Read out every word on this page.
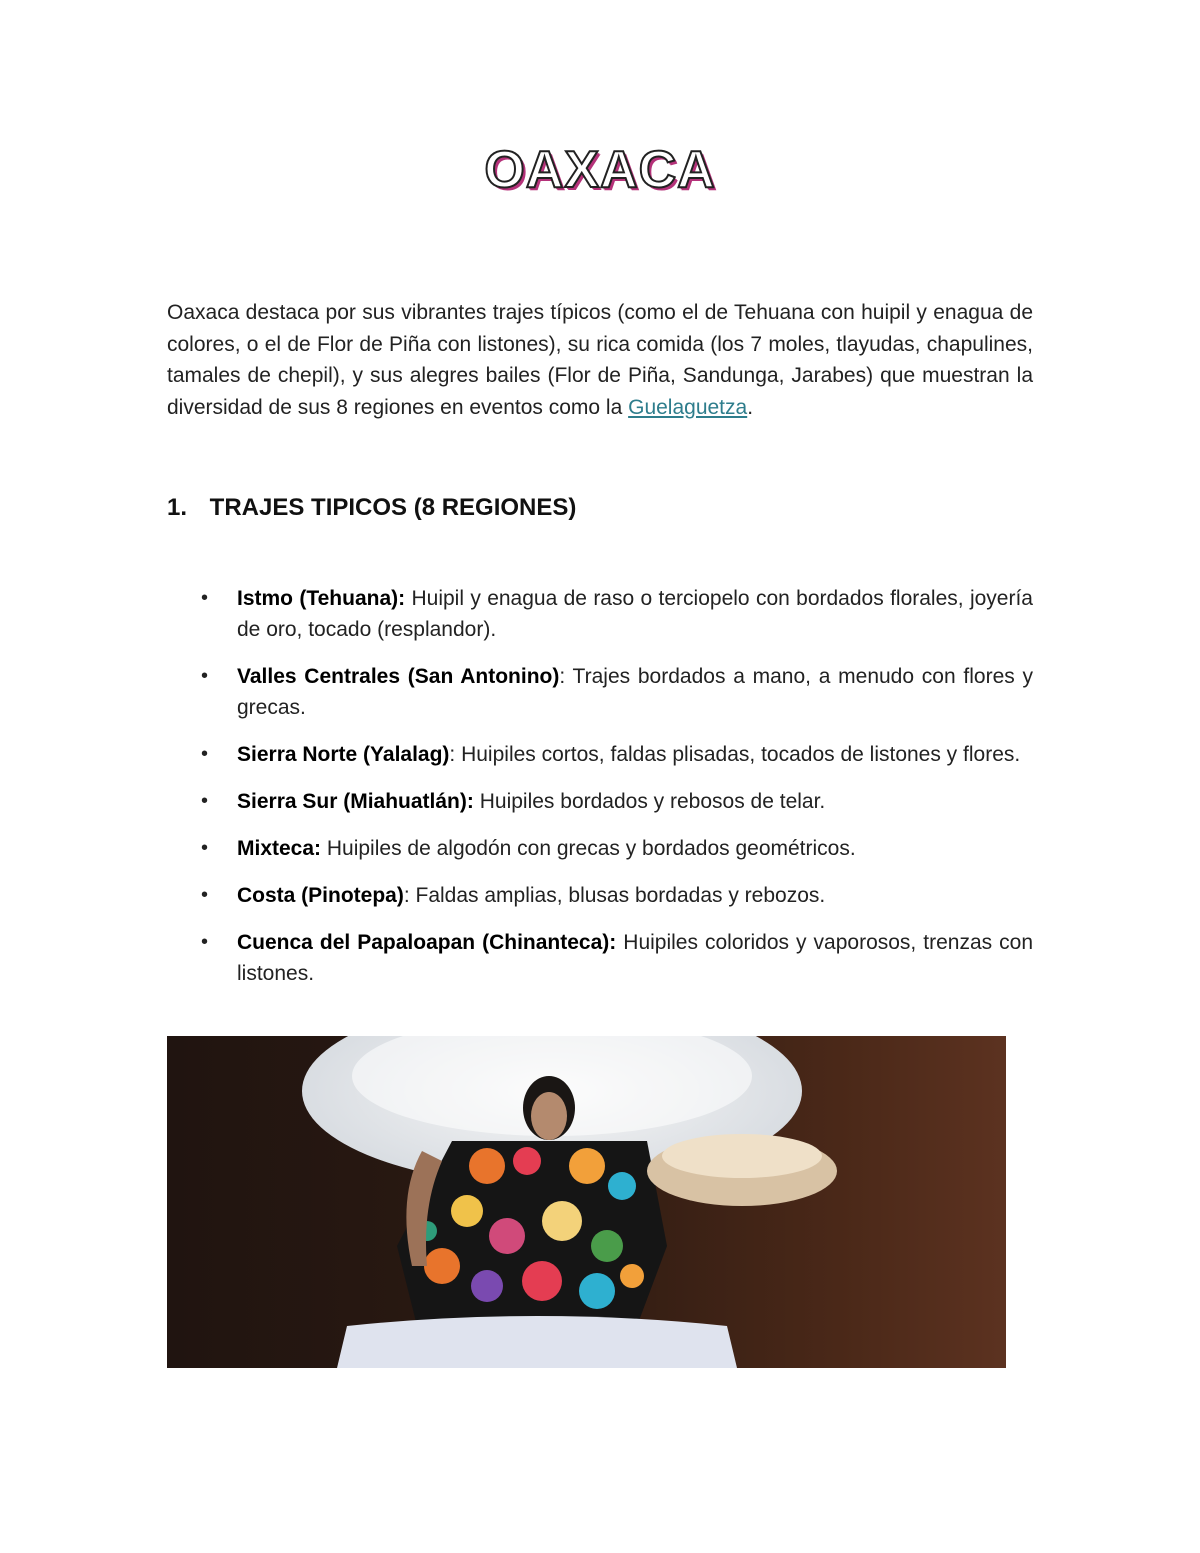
OAXACA

Oaxaca destaca por sus vibrantes trajes típicos (como el de Tehuana con huipil y enagua de colores, o el de Flor de Piña con listones), su rica comida (los 7 moles, tlayudas, chapulines, tamales de chepil), y sus alegres bailes (Flor de Piña, Sandunga, Jarabes) que muestran la diversidad de sus 8 regiones en eventos como la Guelaguetza.

1. TRAJES TIPICOS (8 REGIONES)
• Istmo (Tehuana): Huipil y enagua de raso o terciopelo con bordados florales, joyería de oro, tocado (resplandor).
• Valles Centrales (San Antonino): Trajes bordados a mano, a menudo con flores y grecas.
• Sierra Norte (Yalalag): Huipiles cortos, faldas plisadas, tocados de listones y flores.
• Sierra Sur (Miahuatlán): Huipiles bordados y rebosos de telar.
• Mixteca: Huipiles de algodón con grecas y bordados geométricos.
• Costa (Pinotepa): Faldas amplias, blusas bordadas y rebozos.
• Cuenca del Papaloapan (Chinanteca): Huipiles coloridos y vaporosos, trenzas con listones.
